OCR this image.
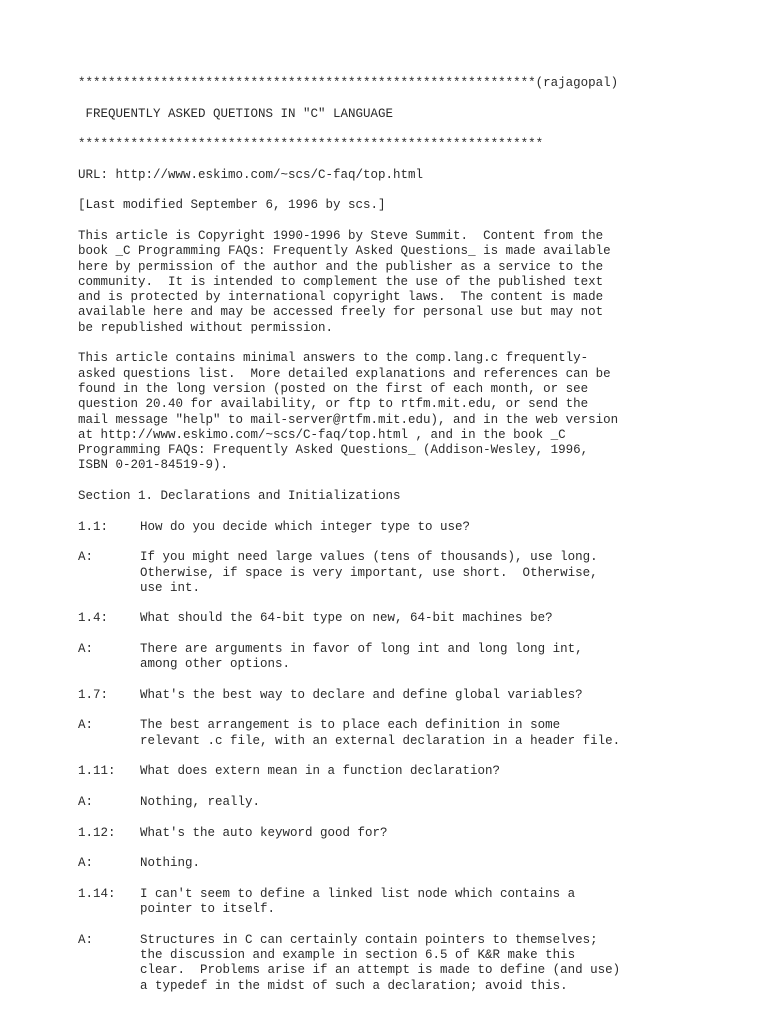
*************************************************************(rajagopal)
FREQUENTLY ASKED QUETIONS IN "C" LANGUAGE
**************************************************************
URL: http://www.eskimo.com/~scs/C-faq/top.html
[Last modified September 6, 1996 by scs.]
This article is Copyright 1990-1996 by Steve Summit.  Content from the
book _C Programming FAQs: Frequently Asked Questions_ is made available
here by permission of the author and the publisher as a service to the
community.  It is intended to complement the use of the published text
and is protected by international copyright laws.  The content is made
available here and may be accessed freely for personal use but may not
be republished without permission.
This article contains minimal answers to the comp.lang.c frequently-
asked questions list.  More detailed explanations and references can be
found in the long version (posted on the first of each month, or see
question 20.40 for availability, or ftp to rtfm.mit.edu, or send the
mail message "help" to mail-server@rtfm.mit.edu), and in the web version
at http://www.eskimo.com/~scs/C-faq/top.html , and in the book _C
Programming FAQs: Frequently Asked Questions_ (Addison-Wesley, 1996,
ISBN 0-201-84519-9).
Section 1. Declarations and Initializations
1.1:	How do you decide which integer type to use?
A:	If you might need large values (tens of thousands), use long.
Otherwise, if space is very important, use short.  Otherwise,
use int.
1.4:	What should the 64-bit type on new, 64-bit machines be?
A:	There are arguments in favor of long int and long long int,
among other options.
1.7:	What's the best way to declare and define global variables?
A:	The best arrangement is to place each definition in some
relevant .c file, with an external declaration in a header file.
1.11:	What does extern mean in a function declaration?
A:	Nothing, really.
1.12:	What's the auto keyword good for?
A:	Nothing.
1.14:	I can't seem to define a linked list node which contains a
pointer to itself.
A:	Structures in C can certainly contain pointers to themselves;
the discussion and example in section 6.5 of K&R make this
clear.  Problems arise if an attempt is made to define (and use)
a typedef in the midst of such a declaration; avoid this.
